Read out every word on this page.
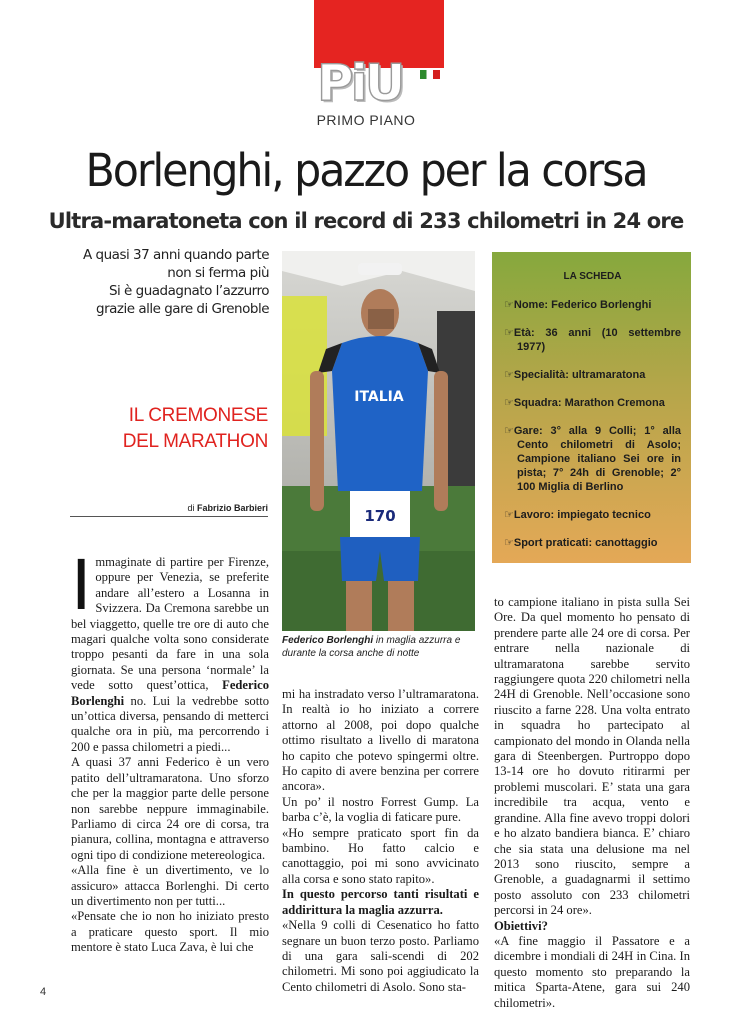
PiU
PRIMO PIANO
Borlenghi, pazzo per la corsa
Ultra-maratoneta con il record di 233 chilometri in 24 ore
A quasi 37 anni quando parte
non si ferma più
Si è guadagnato l’azzurro
grazie alle gare di Grenoble
IL CREMONESE
DEL MARATHON
di Fabrizio Barbieri
ITALIA
170
Federico Borlenghi in maglia azzurra e durante la corsa anche di notte
LA SCHEDA
☞Nome: Federico Borlenghi
☞Età: 36 anni (10 settembre 1977)
☞Specialità: ultramaratona
☞Squadra: Marathon Cremona
☞Gare: 3° alla 9 Colli; 1° alla Cento chilometri di Asolo; Campione italiano Sei ore in pista; 7° 24h di Grenoble; 2° 100 Miglia di Berlino
☞Lavoro: impiegato tecnico
☞Sport praticati: canottaggio

Immaginate di partire per Firenze, oppure per Venezia, se preferite andare all’estero a Losanna in Svizzera. Da Cremona sarebbe un bel viaggetto, quelle tre ore di auto che magari qualche volta sono considerate troppo pesanti da fare in una sola giornata. Se una persona ‘normale’ la vede sotto quest’ottica, Federico Borlenghi no. Lui la vedrebbe sotto un’ottica diversa, pensando di metterci qualche ora in più, ma percorrendo i 200 e passa chilometri a piedi...

A quasi 37 anni Federico è un vero patito dell’ultramaratona. Uno sforzo che per la maggior parte delle persone non sarebbe neppure immaginabile. Parliamo di circa 24 ore di corsa, tra pianura, collina, montagna e attraverso ogni tipo di condizione metereologica.

«Alla fine è un divertimento, ve lo assicuro» attacca Borlenghi. Di certo un divertimento non per tutti...

«Pensate che io non ho iniziato presto a praticare questo sport. Il mio mentore è stato Luca Zava, è lui che

mi ha instradato verso l’ultramaratona. In realtà io ho iniziato a correre attorno al 2008, poi dopo qualche ottimo risultato a livello di maratona ho capito che potevo spingermi oltre. Ho capito di avere benzina per correre ancora».

Un po’ il nostro Forrest Gump. La barba c’è, la voglia di faticare pure.

«Ho sempre praticato sport fin da bambino. Ho fatto calcio e canottaggio, poi mi sono avvicinato alla corsa e sono stato rapito».

In questo percorso tanti risultati e addirittura la maglia azzurra.

«Nella 9 colli di Cesenatico ho fatto segnare un buon terzo posto. Parliamo di una gara sali-scendi di 202 chilometri. Mi sono poi aggiudicato la Cento chilometri di Asolo. Sono sta-

to campione italiano in pista sulla Sei Ore. Da quel momento ho pensato di prendere parte alle 24 ore di corsa. Per entrare nella nazionale di ultramaratona sarebbe servito raggiungere quota 220 chilometri nella 24H di Grenoble. Nell’occasione sono riuscito a farne 228. Una volta entrato in squadra ho partecipato al campionato del mondo in Olanda nella gara di Steenbergen. Purtroppo dopo 13-14 ore ho dovuto ritirarmi per problemi muscolari. E’ stata una gara incredibile tra acqua, vento e grandine. Alla fine avevo troppi dolori e ho alzato bandiera bianca. E’ chiaro che sia stata una delusione ma nel 2013 sono riuscito, sempre a Grenoble, a guadagnarmi il settimo posto assoluto con 233 chilometri percorsi in 24 ore».

Obiettivi?

«A fine maggio il Passatore e a dicembre i mondiali di 24H in Cina. In questo momento sto preparando la mitica Sparta-Atene, gara sui 240 chilometri».

4
